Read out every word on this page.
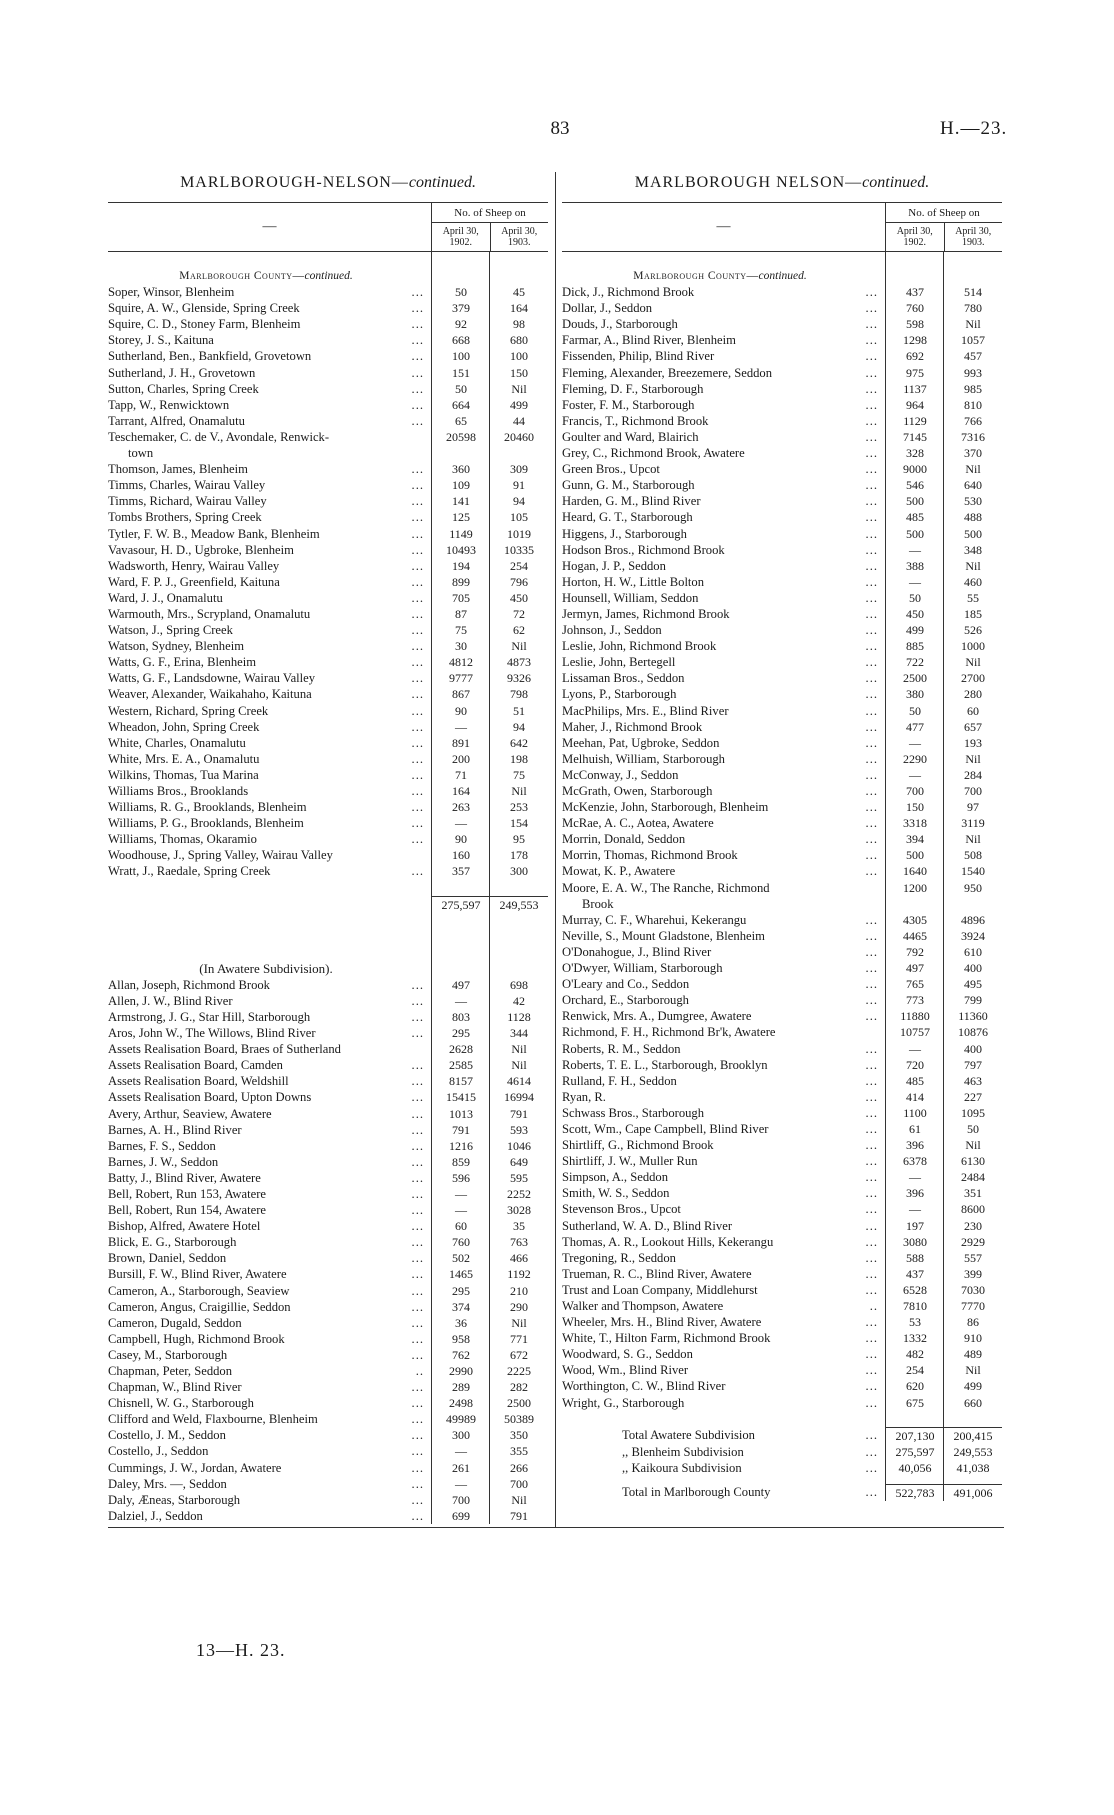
83	H.—23.
MARLBOROUGH-NELSON—continued.
—
No. of Sheep on
April 30, 1902.
April 30, 1903.
Marlborough County—continued.
Soper, Winsor, Blenheim	...	50	45
Squire, A. W., Glenside, Spring Creek	...	379	164
Squire, C. D., Stoney Farm, Blenheim	...	92	98
Storey, J. S., Kaituna	...	668	680
Sutherland, Ben., Bankfield, Grovetown	...	100	100
Sutherland, J. H., Grovetown	...	151	150
Sutton, Charles, Spring Creek	...	50	Nil
Tapp, W., Renwicktown	...	664	499
Tarrant, Alfred, Onamalutu	...	65	44
Teschemaker, C. de V., Avondale, Renwick-	20598	20460
town
Thomson, James, Blenheim	...	360	309
Timms, Charles, Wairau Valley	...	109	91
Timms, Richard, Wairau Valley	...	141	94
Tombs Brothers, Spring Creek	...	125	105
Tytler, F. W. B., Meadow Bank, Blenheim	...	1149	1019
Vavasour, H. D., Ugbroke, Blenheim	...	10493	10335
Wadsworth, Henry, Wairau Valley	...	194	254
Ward, F. P. J., Greenfield, Kaituna	...	899	796
Ward, J. J., Onamalutu	...	705	450
Warmouth, Mrs., Scrypland, Onamalutu	...	87	72
Watson, J., Spring Creek	...	75	62
Watson, Sydney, Blenheim	...	30	Nil
Watts, G. F., Erina, Blenheim	...	4812	4873
Watts, G. F., Landsdowne, Wairau Valley	...	9777	9326
Weaver, Alexander, Waikahaho, Kaituna	...	867	798
Western, Richard, Spring Creek	...	90	51
Wheadon, John, Spring Creek	...	—	94
White, Charles, Onamalutu	...	891	642
White, Mrs. E. A., Onamalutu	...	200	198
Wilkins, Thomas, Tua Marina	...	71	75
Williams Bros., Brooklands	...	164	Nil
Williams, R. G., Brooklands, Blenheim	...	263	253
Williams, P. G., Brooklands, Blenheim	...	—	154
Williams, Thomas, Okaramio	...	90	95
Woodhouse, J., Spring Valley, Wairau Valley	160	178
Wratt, J., Raedale, Spring Creek	...	357	300
275,597	249,553
(In Awatere Subdivision).
Allan, Joseph, Richmond Brook	...	497	698
Allen, J. W., Blind River	...	—	42
Armstrong, J. G., Star Hill, Starborough	...	803	1128
Aros, John W., The Willows, Blind River	...	295	344
Assets Realisation Board, Braes of Sutherland	2628	Nil
Assets Realisation Board, Camden	...	2585	Nil
Assets Realisation Board, Weldshill	...	8157	4614
Assets Realisation Board, Upton Downs	...	15415	16994
Avery, Arthur, Seaview, Awatere	...	1013	791
Barnes, A. H., Blind River	...	791	593
Barnes, F. S., Seddon	...	1216	1046
Barnes, J. W., Seddon	...	859	649
Batty, J., Blind River, Awatere	...	596	595
Bell, Robert, Run 153, Awatere	...	—	2252
Bell, Robert, Run 154, Awatere	...	—	3028
Bishop, Alfred, Awatere Hotel	...	60	35
Blick, E. G., Starborough	...	760	763
Brown, Daniel, Seddon	...	502	466
Bursill, F. W., Blind River, Awatere	...	1465	1192
Cameron, A., Starborough, Seaview	...	295	210
Cameron, Angus, Craigillie, Seddon	...	374	290
Cameron, Dugald, Seddon	...	36	Nil
Campbell, Hugh, Richmond Brook	...	958	771
Casey, M., Starborough	...	762	672
Chapman, Peter, Seddon	..	2990	2225
Chapman, W., Blind River	...	289	282
Chisnell, W. G., Starborough	...	2498	2500
Clifford and Weld, Flaxbourne, Blenheim	...	49989	50389
Costello, J. M., Seddon	...	300	350
Costello, J., Seddon	...	—	355
Cummings, J. W., Jordan, Awatere	...	261	266
Daley, Mrs. —, Seddon	...	—	700
Daly, Æneas, Starborough	...	700	Nil
Dalziel, J., Seddon	...	699	791
MARLBOROUGH NELSON—continued.
—
No. of Sheep on
April 30, 1902.
April 30, 1903.
Marlborough County—continued.
Dick, J., Richmond Brook	...	437	514
Dollar, J., Seddon	...	760	780
Douds, J., Starborough	...	598	Nil
Farmar, A., Blind River, Blenheim	...	1298	1057
Fissenden, Philip, Blind River	...	692	457
Fleming, Alexander, Breezemere, Seddon	...	975	993
Fleming, D. F., Starborough	...	1137	985
Foster, F. M., Starborough	...	964	810
Francis, T., Richmond Brook	...	1129	766
Goulter and Ward, Blairich	...	7145	7316
Grey, C., Richmond Brook, Awatere	...	328	370
Green Bros., Upcot	...	9000	Nil
Gunn, G. M., Starborough	...	546	640
Harden, G. M., Blind River	...	500	530
Heard, G. T., Starborough	...	485	488
Higgens, J., Starborough	...	500	500
Hodson Bros., Richmond Brook	...	—	348
Hogan, J. P., Seddon	...	388	Nil
Horton, H. W., Little Bolton	...	—	460
Hounsell, William, Seddon	...	50	55
Jermyn, James, Richmond Brook	...	450	185
Johnson, J., Seddon	...	499	526
Leslie, John, Richmond Brook	...	885	1000
Leslie, John, Bertegell	...	722	Nil
Lissaman Bros., Seddon	...	2500	2700
Lyons, P., Starborough	...	380	280
MacPhilips, Mrs. E., Blind River	...	50	60
Maher, J., Richmond Brook	...	477	657
Meehan, Pat, Ugbroke, Seddon	...	—	193
Melhuish, William, Starborough	...	2290	Nil
McConway, J., Seddon	...	—	284
McGrath, Owen, Starborough	...	700	700
McKenzie, John, Starborough, Blenheim	...	150	97
McRae, A. C., Aotea, Awatere	...	3318	3119
Morrin, Donald, Seddon	...	394	Nil
Morrin, Thomas, Richmond Brook	...	500	508
Mowat, K. P., Awatere	...	1640	1540
Moore, E. A. W., The Ranche, Richmond	1200	950
Brook
Murray, C. F., Wharehui, Kekerangu	...	4305	4896
Neville, S., Mount Gladstone, Blenheim	...	4465	3924
O'Donahogue, J., Blind River	...	792	610
O'Dwyer, William, Starborough	...	497	400
O'Leary and Co., Seddon	...	765	495
Orchard, E., Starborough	...	773	799
Renwick, Mrs. A., Dumgree, Awatere	...	11880	11360
Richmond, F. H., Richmond Br'k, Awatere	10757	10876
Roberts, R. M., Seddon	...	—	400
Roberts, T. E. L., Starborough, Brooklyn	...	720	797
Rulland, F. H., Seddon	...	485	463
Ryan, R.	...	414	227
Schwass Bros., Starborough	...	1100	1095
Scott, Wm., Cape Campbell, Blind River	...	61	50
Shirtliff, G., Richmond Brook	...	396	Nil
Shirtliff, J. W., Muller Run	...	6378	6130
Simpson, A., Seddon	...	—	2484
Smith, W. S., Seddon	...	396	351
Stevenson Bros., Upcot	...	—	8600
Sutherland, W. A. D., Blind River	...	197	230
Thomas, A. R., Lookout Hills, Kekerangu	...	3080	2929
Tregoning, R., Seddon	...	588	557
Trueman, R. C., Blind River, Awatere	...	437	399
Trust and Loan Company, Middlehurst	...	6528	7030
Walker and Thompson, Awatere	..	7810	7770
Wheeler, Mrs. H., Blind River, Awatere	...	53	86
White, T., Hilton Farm, Richmond Brook	...	1332	910
Woodward, S. G., Seddon	...	482	489
Wood, Wm., Blind River	...	254	Nil
Worthington, C. W., Blind River	...	620	499
Wright, G., Starborough	...	675	660
Total Awatere Subdivision	...	207,130	200,415
,, Blenheim Subdivision	...	275,597	249,553
,, Kaikoura Subdivision	...	40,056	41,038
Total in Marlborough County	...	522,783	491,006
13—H. 23.
